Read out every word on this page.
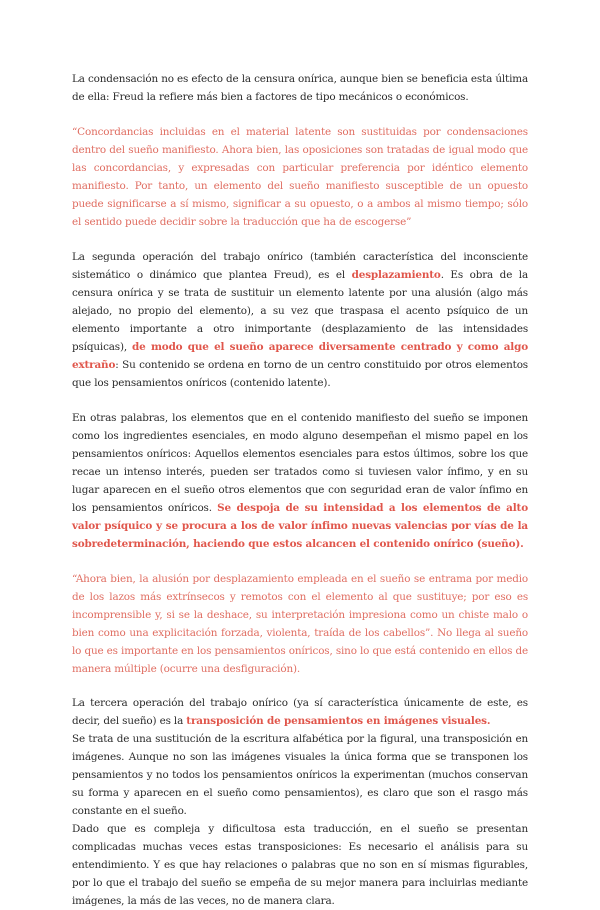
La condensación no es efecto de la censura onírica, aunque bien se beneficia esta última de ella: Freud la refiere más bien a factores de tipo mecánicos o económicos.

“Concordancias incluidas en el material latente son sustituidas por condensaciones dentro del sueño manifiesto. Ahora bien, las oposiciones son tratadas de igual modo que las concordancias, y expresadas con particular preferencia por idéntico elemento manifiesto. Por tanto, un elemento del sueño manifiesto susceptible de un opuesto puede significarse a sí mismo, significar a su opuesto, o a ambos al mismo tiempo; sólo el sentido puede decidir sobre la traducción que ha de escogerse”

La segunda operación del trabajo onírico (también característica del inconsciente sistemático o dinámico que plantea Freud), es el desplazamiento. Es obra de la censura onírica y se trata de sustituir un elemento latente por una alusión (algo más alejado, no propio del elemento), a su vez que traspasa el acento psíquico de un elemento importante a otro inimportante (desplazamiento de las intensidades psíquicas), de modo que el sueño aparece diversamente centrado y como algo extraño: Su contenido se ordena en torno de un centro constituido por otros elementos que los pensamientos oníricos (contenido latente).

En otras palabras, los elementos que en el contenido manifiesto del sueño se imponen como los ingredientes esenciales, en modo alguno desempeñan el mismo papel en los pensamientos oníricos: Aquellos elementos esenciales para estos últimos, sobre los que recae un intenso interés, pueden ser tratados como si tuviesen valor ínfimo, y en su lugar aparecen en el sueño otros elementos que con seguridad eran de valor ínfimo en los pensamientos oníricos. Se despoja de su intensidad a los elementos de alto valor psíquico y se procura a los de valor ínfimo nuevas valencias por vías de la sobredeterminación, haciendo que estos alcancen el contenido onírico (sueño).

“Ahora bien, la alusión por desplazamiento empleada en el sueño se entrama por medio de los lazos más extrínsecos y remotos con el elemento al que sustituye; por eso es incomprensible y, si se la deshace, su interpretación impresiona como un chiste malo o bien como una explicitación forzada, violenta, traída de los cabellos”. No llega al sueño lo que es importante en los pensamientos oníricos, sino lo que está contenido en ellos de manera múltiple (ocurre una desfiguración).

La tercera operación del trabajo onírico (ya sí característica únicamente de este, es decir, del sueño) es la transposición de pensamientos en imágenes visuales.

Se trata de una sustitución de la escritura alfabética por la figural, una transposición en imágenes. Aunque no son las imágenes visuales la única forma que se transponen los pensamientos y no todos los pensamientos oníricos la experimentan (muchos conservan su forma y aparecen en el sueño como pensamientos), es claro que son el rasgo más constante en el sueño.

Dado que es compleja y dificultosa esta traducción, en el sueño se presentan complicadas muchas veces estas transposiciones: Es necesario el análisis para su entendimiento. Y es que hay relaciones o palabras que no son en sí mismas figurables, por lo que el trabajo del sueño se empeña de su mejor manera para incluirlas mediante imágenes, la más de las veces, no de manera clara.
